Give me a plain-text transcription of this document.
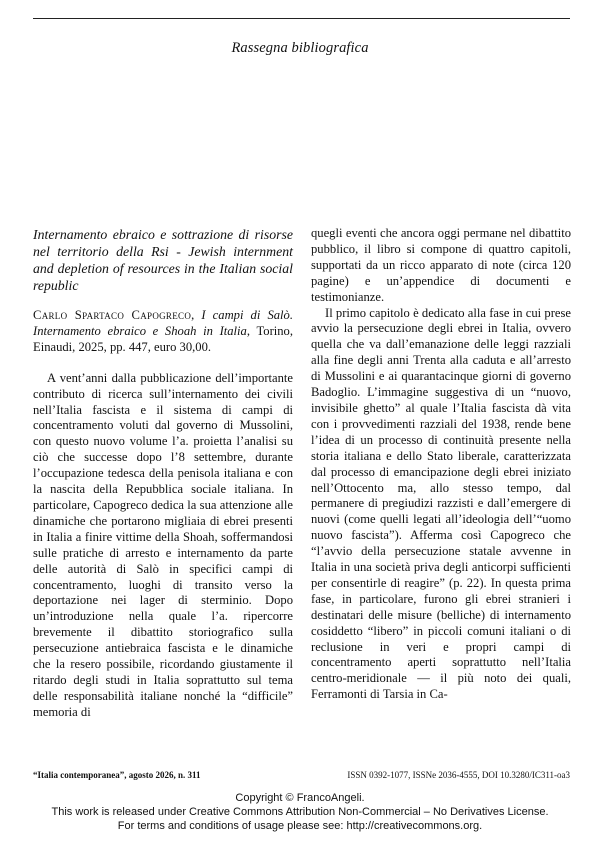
Rassegna bibliografica
Internamento ebraico e sottrazione di risorse nel territorio della Rsi - Jewish internment and depletion of resources in the Italian social republic

Carlo Spartaco Capogreco, I campi di Salò. Internamento ebraico e Shoah in Italia, Torino, Einaudi, 2025, pp. 447, euro 30,00.

A vent’anni dalla pubblicazione dell’importante contributo di ricerca sull’internamento dei civili nell’Italia fascista e il sistema di campi di concentramento voluti dal governo di Mussolini, con questo nuovo volume l’a. proietta l’analisi su ciò che successe dopo l’8 settembre, durante l’occupazione tedesca della penisola italiana e con la nascita della Repubblica sociale italiana. In particolare, Capogreco dedica la sua attenzione alle dinamiche che portarono migliaia di ebrei presenti in Italia a finire vittime della Shoah, soffermandosi sulle pratiche di arresto e internamento da parte delle autorità di Salò in specifici campi di concentramento, luoghi di transito verso la deportazione nei lager di sterminio. Dopo un’introduzione nella quale l’a. ripercorre brevemente il dibattito storiografico sulla persecuzione antiebraica fascista e le dinamiche che la resero possibile, ricordando giustamente il ritardo degli studi in Italia soprattutto sul tema delle responsabilità italiane nonché la “difficile” memoria di

quegli eventi che ancora oggi permane nel dibattito pubblico, il libro si compone di quattro capitoli, supportati da un ricco apparato di note (circa 120 pagine) e un’appendice di documenti e testimonianze.

Il primo capitolo è dedicato alla fase in cui prese avvio la persecuzione degli ebrei in Italia, ovvero quella che va dall’emanazione delle leggi razziali alla fine degli anni Trenta alla caduta e all’arresto di Mussolini e ai quarantacinque giorni di governo Badoglio. L’immagine suggestiva di un “nuovo, invisibile ghetto” al quale l’Italia fascista dà vita con i provvedimenti razziali del 1938, rende bene l’idea di un processo di continuità presente nella storia italiana e dello Stato liberale, caratterizzata dal processo di emancipazione degli ebrei iniziato nell’Ottocento ma, allo stesso tempo, dal permanere di pregiudizi razzisti e dall’emergere di nuovi (come quelli legati all’ideologia dell’“uomo nuovo fascista”). Afferma così Capogreco che “l’avvio della persecuzione statale avvenne in Italia in una società priva degli anticorpi sufficienti per consentirle di reagire” (p. 22). In questa prima fase, in particolare, furono gli ebrei stranieri i destinatari delle misure (belliche) di internamento cosiddetto “libero” in piccoli comuni italiani o di reclusione in veri e propri campi di concentramento aperti soprattutto nell’Italia centro-meridionale — il più noto dei quali, Ferramonti di Tarsia in Ca-

“Italia contemporanea”, agosto 2026, n. 311	ISSN 0392-1077, ISSNe 2036-4555, DOI 10.3280/IC311-oa3
Copyright © FrancoAngeli.
This work is released under Creative Commons Attribution Non-Commercial – No Derivatives License.
For terms and conditions of usage please see: http://creativecommons.org.
